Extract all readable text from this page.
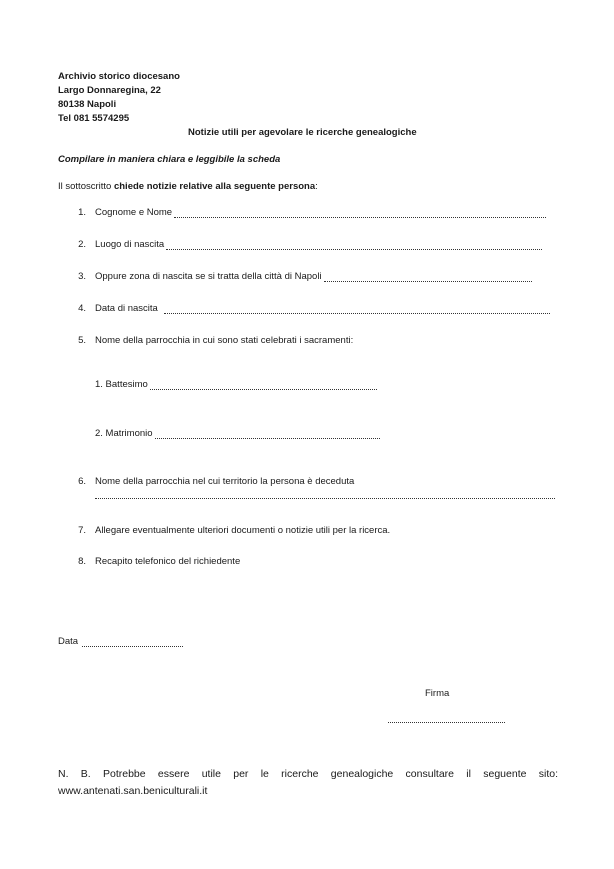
Archivio storico diocesano
Largo Donnaregina, 22
80138 Napoli
Tel 081 5574295
Notizie utili per agevolare le ricerche genealogiche
Compilare in maniera chiara e leggibile la scheda
Il sottoscritto chiede notizie relative alla seguente persona:
1. Cognome e Nome
2. Luogo di nascita
3. Oppure zona di nascita se si tratta della città di Napoli
4. Data di nascita
5. Nome della parrocchia in cui sono stati celebrati i sacramenti:
1. Battesimo
2. Matrimonio
6. Nome della parrocchia nel cui territorio la persona è deceduta
7. Allegare eventualmente ulteriori documenti o notizie utili per la ricerca.
8. Recapito telefonico del richiedente
Data
Firma
N. B. Potrebbe essere utile per le ricerche genealogiche consultare il seguente sito: www.antenati.san.beniculturali.it
